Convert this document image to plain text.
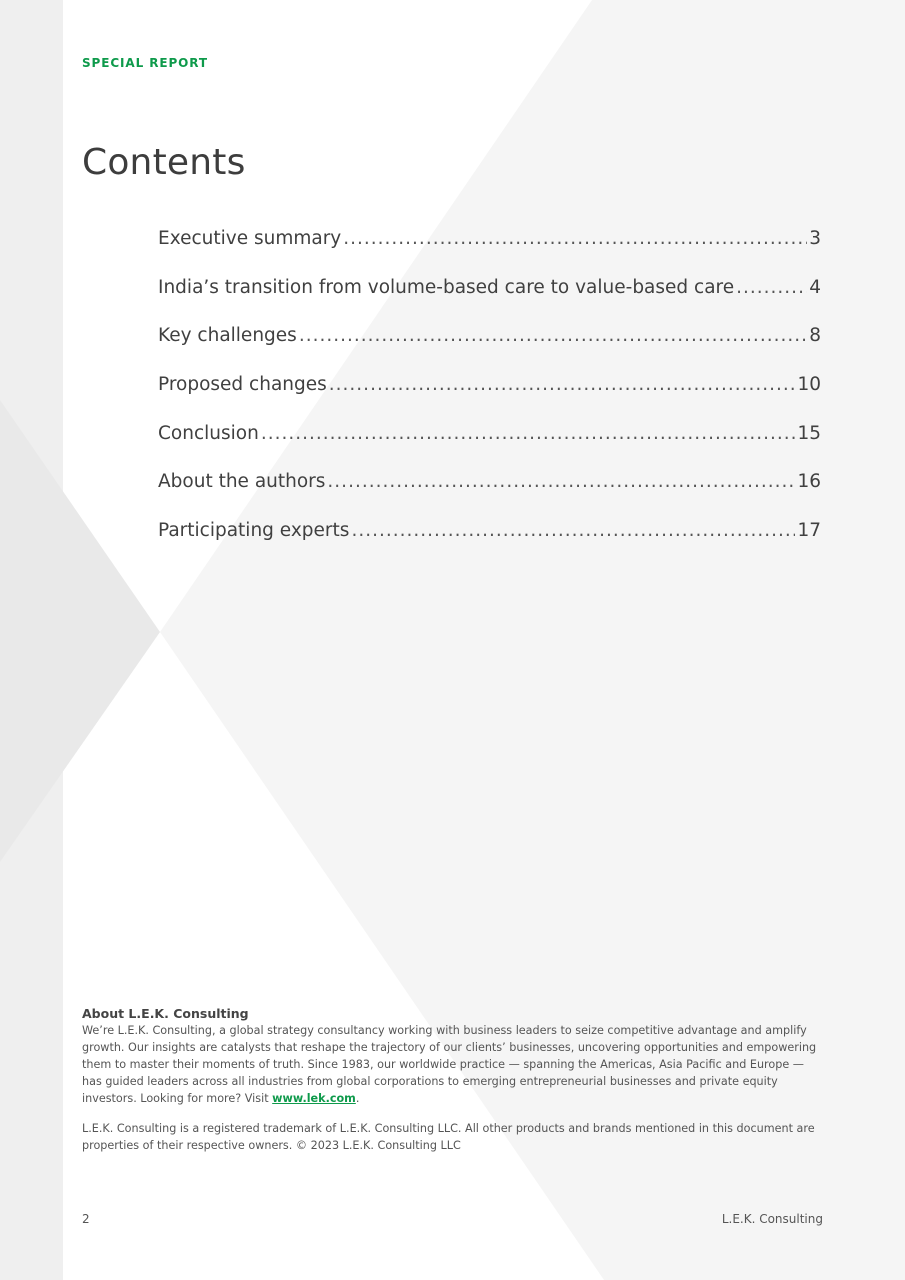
SPECIAL REPORT
Contents
Executive summary .....	3
India’s transition from volume-based care to value-based care .....	4
Key challenges .....	8
Proposed changes .....	10
Conclusion .....	15
About the authors .....	16
Participating experts .....	17

About L.E.K. Consulting

We’re L.E.K. Consulting, a global strategy consultancy working with business leaders to seize competitive advantage and amplify growth. Our insights are catalysts that reshape the trajectory of our clients’ businesses, uncovering opportunities and empowering them to master their moments of truth. Since 1983, our worldwide practice — spanning the Americas, Asia Pacific and Europe — has guided leaders across all industries from global corporations to emerging entrepreneurial businesses and private equity investors. Looking for more? Visit www.lek.com.

L.E.K. Consulting is a registered trademark of L.E.K. Consulting LLC. All other products and brands mentioned in this document are properties of their respective owners. © 2023 L.E.K. Consulting LLC

2	L.E.K. Consulting
